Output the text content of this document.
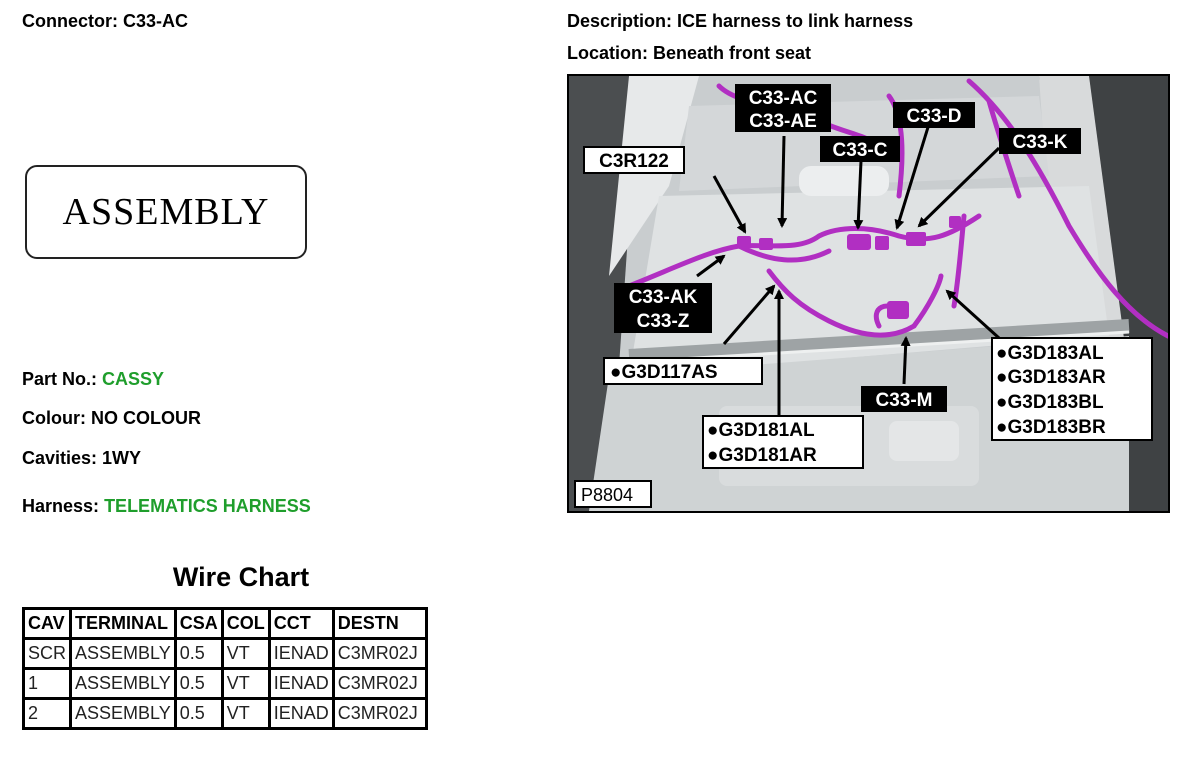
Connector: C33-AC	Description: ICE harness to link harness
Location: Beneath front seat
ASSEMBLY
Part No.: CASSY
Colour: NO COLOUR
Cavities: 1WY
Harness: TELEMATICS HARNESS
Wire Chart
CAV	TERMINAL	CSA	COL	CCT	DESTN
SCR	ASSEMBLY	0.5	VT	IENAD	C3MR02J
1	ASSEMBLY	0.5	VT	IENAD	C3MR02J
2	ASSEMBLY	0.5	VT	IENAD	C3MR02J
C33-AC
C33-AE
C3R122
C33-C
C33-D
C33-K
C33-AK
C33-Z
●G3D117AS
C33-M
●G3D181AL
●G3D181AR
●G3D183AL
●G3D183AR
●G3D183BL
●G3D183BR
P8804
